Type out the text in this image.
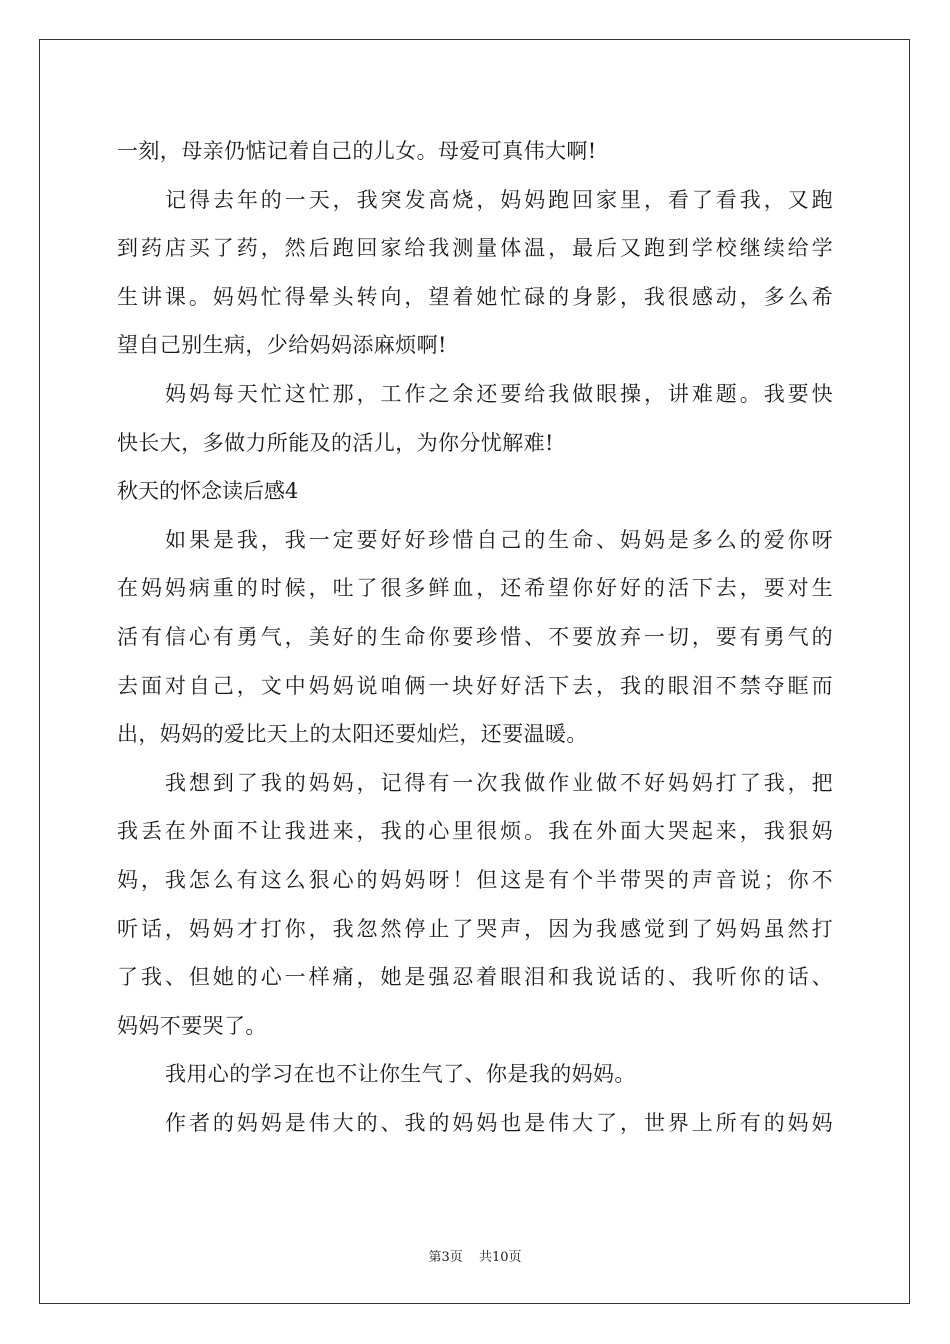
一刻，母亲仍惦记着自己的儿女。母爱可真伟大啊!
记得去年的一天，我突发高烧，妈妈跑回家里，看了看我，又跑
到药店买了药，然后跑回家给我测量体温，最后又跑到学校继续给学
生讲课。妈妈忙得晕头转向，望着她忙碌的身影，我很感动，多么希
望自己别生病，少给妈妈添麻烦啊!
妈妈每天忙这忙那，工作之余还要给我做眼操，讲难题。我要快
快长大，多做力所能及的活儿，为你分忧解难!
秋天的怀念读后感4
如果是我，我一定要好好珍惜自己的生命、妈妈是多么的爱你呀
在妈妈病重的时候，吐了很多鲜血，还希望你好好的活下去，要对生
活有信心有勇气，美好的生命你要珍惜、不要放弃一切，要有勇气的
去面对自己，文中妈妈说咱俩一块好好活下去，我的眼泪不禁夺眶而
出，妈妈的爱比天上的太阳还要灿烂，还要温暖。
我想到了我的妈妈，记得有一次我做作业做不好妈妈打了我，把
我丢在外面不让我进来，我的心里很烦。我在外面大哭起来，我狠妈
妈，我怎么有这么狠心的妈妈呀！但这是有个半带哭的声音说；你不
听话，妈妈才打你，我忽然停止了哭声，因为我感觉到了妈妈虽然打
了我、但她的心一样痛，她是强忍着眼泪和我说话的、我听你的话、
妈妈不要哭了。
我用心的学习在也不让你生气了、你是我的妈妈。
作者的妈妈是伟大的、我的妈妈也是伟大了，世界上所有的妈妈
第3页 共10页
